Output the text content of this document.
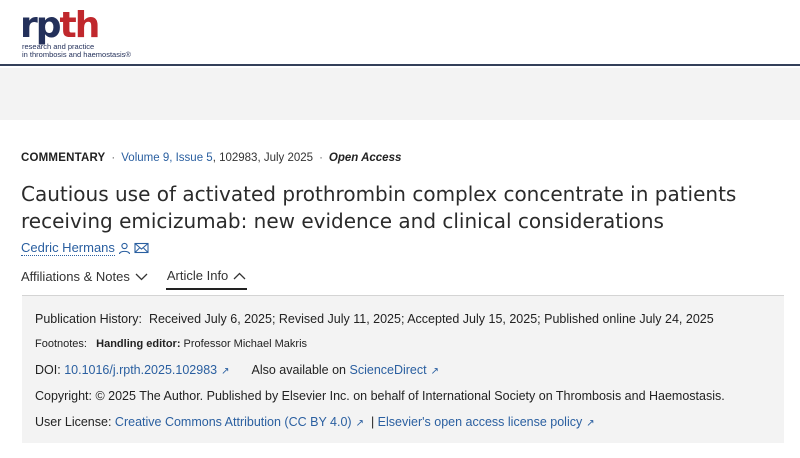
rpth
research and practice
in thrombosis and haemostasis®
COMMENTARY · Volume 9, Issue 5, 102983, July 2025 · Open Access
Cautious use of activated prothrombin complex concentrate in patients
receiving emicizumab: new evidence and clinical considerations
Cedric Hermans
Affiliations & Notes	Article Info
Publication History: Received July 6, 2025; Revised July 11, 2025; Accepted July 15, 2025; Published online July 24, 2025
Footnotes: Handling editor: Professor Michael Makris
DOI: 10.1016/j.rpth.2025.102983 ↗ Also available on ScienceDirect ↗
Copyright: © 2025 The Author. Published by Elsevier Inc. on behalf of International Society on Thrombosis and Haemostasis.
User License: Creative Commons Attribution (CC BY 4.0) ↗ | Elsevier's open access license policy ↗
